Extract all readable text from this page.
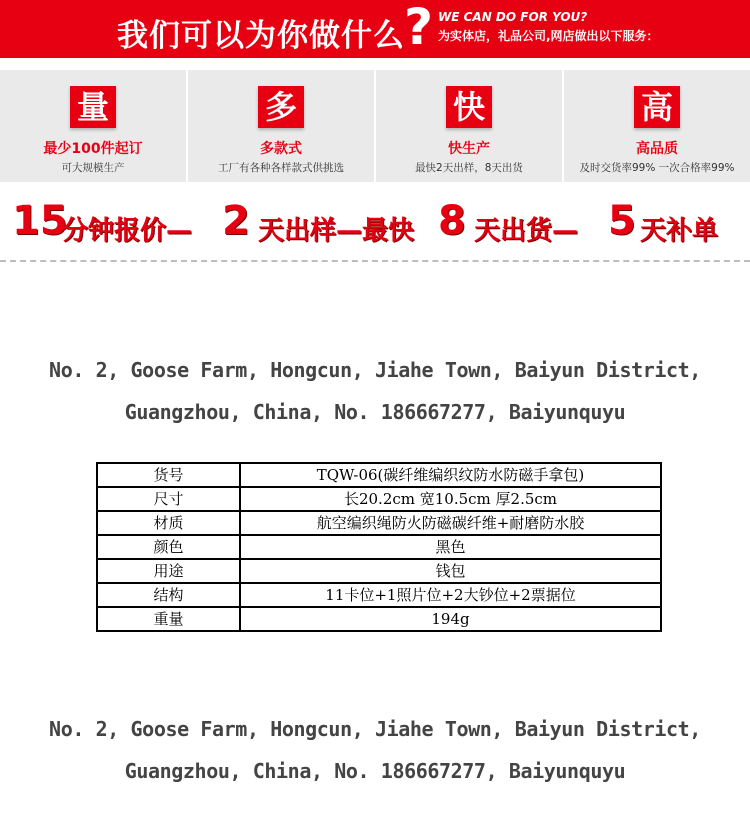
我们可以为你做什么 ? WE CAN DO FOR YOU?
为实体店，礼品公司,网店做出以下服务：
量
最少100件起订
可大规模生产
多
多款式
工厂有各种各样款式供挑选
快
快生产
最快2天出样，8天出货
高
高品质
及时交货率99% 一次合格率99%
15
分钟报价— 2 天出样—最快 8 天出货— 5 天补单
No. 2, Goose Farm, Hongcun, Jiahe Town, Baiyun District,
Guangzhou, China, No. 186667277, Baiyunquyu
货号	TQW-06(碳纤维编织纹防水防磁手拿包)
尺寸	长20.2cm 宽10.5cm 厚2.5cm
材质	航空编织绳防火防磁碳纤维+耐磨防水胶
颜色	黑色
用途	钱包
结构	11卡位+1照片位+2大钞位+2票据位
重量	194g
No. 2, Goose Farm, Hongcun, Jiahe Town, Baiyun District,
Guangzhou, China, No. 186667277, Baiyunquyu
